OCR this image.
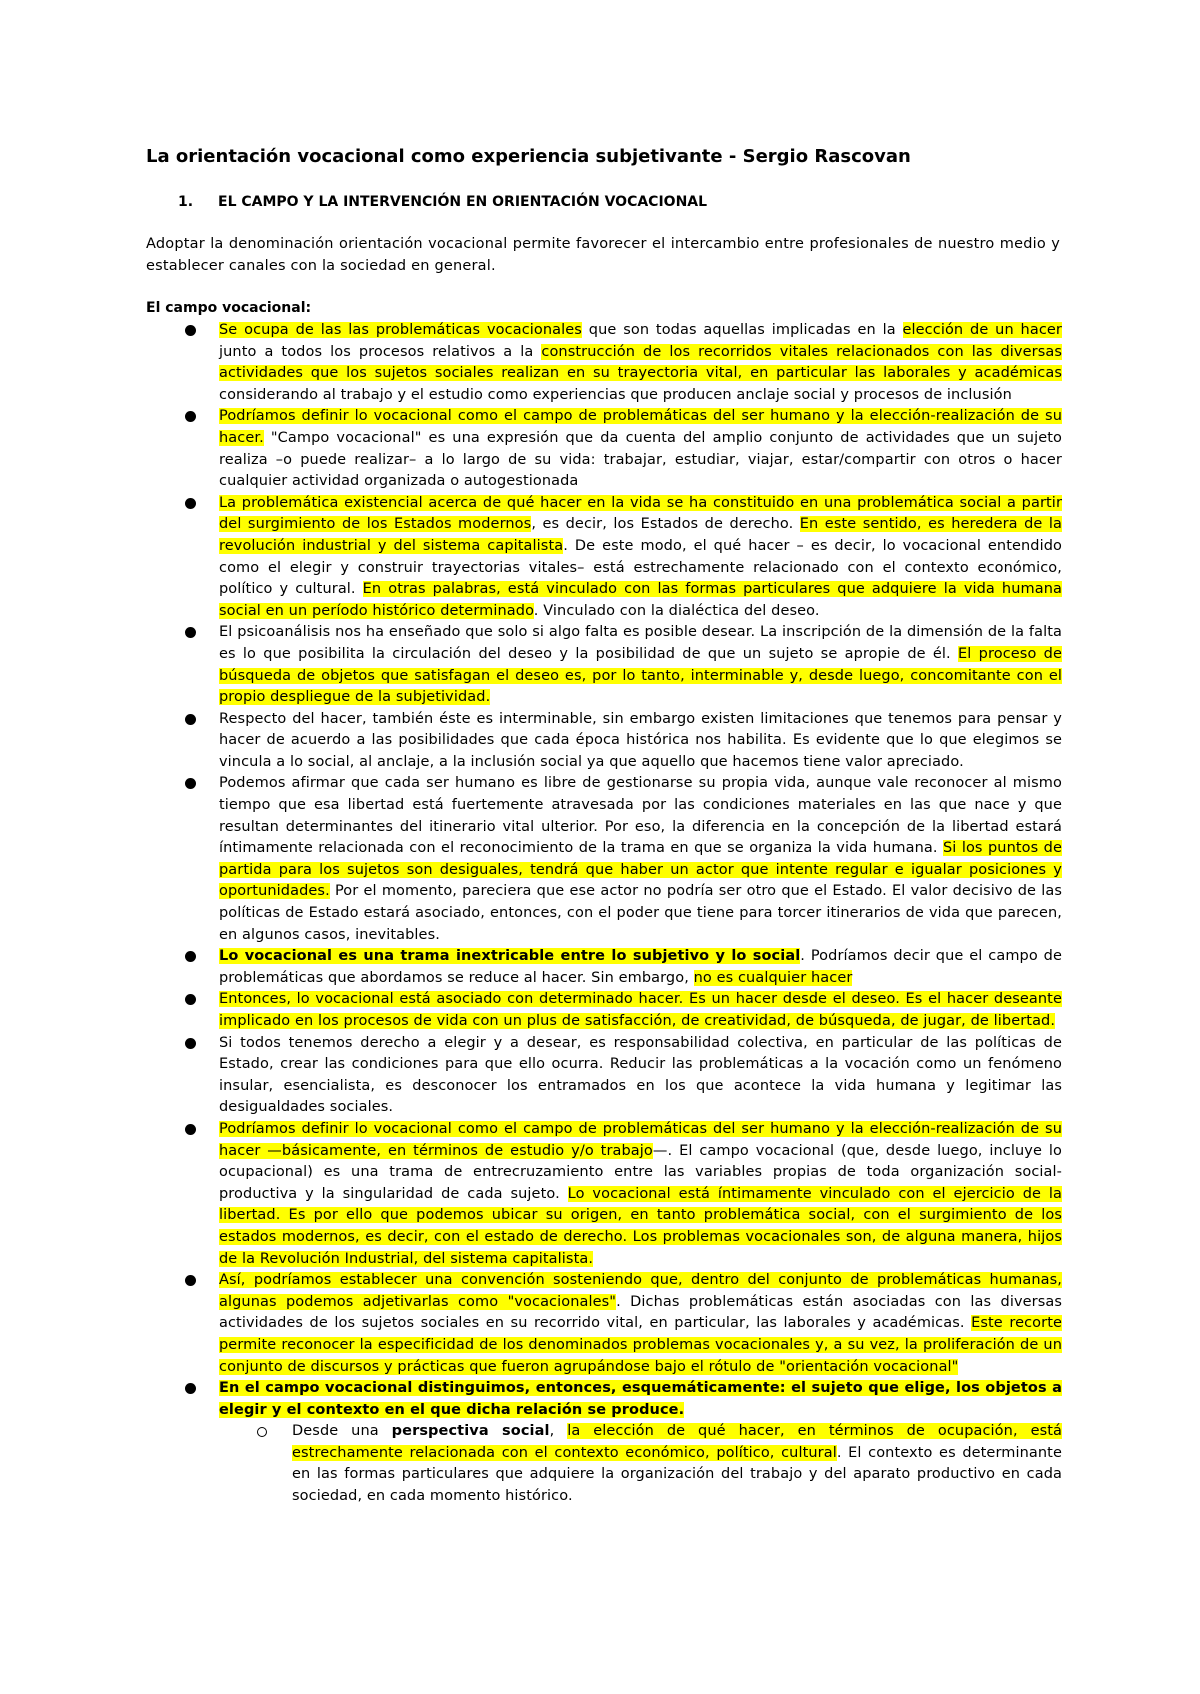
La orientación vocacional como experiencia subjetivante - Sergio Rascovan
1. EL CAMPO Y LA INTERVENCIÓN EN ORIENTACIÓN VOCACIONAL
Adoptar la denominación orientación vocacional permite favorecer el intercambio entre profesionales de nuestro medio y establecer canales con la sociedad en general.
El campo vocacional:
Se ocupa de las las problemáticas vocacionales que son todas aquellas implicadas en la elección de un hacer junto a todos los procesos relativos a la construcción de los recorridos vitales relacionados con las diversas actividades que los sujetos sociales realizan en su trayectoria vital, en particular las laborales y académicas considerando al trabajo y el estudio como experiencias que producen anclaje social y procesos de inclusión
Podríamos definir lo vocacional como el campo de problemáticas del ser humano y la elección-realización de su hacer. "Campo vocacional" es una expresión que da cuenta del amplio conjunto de actividades que un sujeto realiza –o puede realizar– a lo largo de su vida: trabajar, estudiar, viajar, estar/compartir con otros o hacer cualquier actividad organizada o autogestionada
La problemática existencial acerca de qué hacer en la vida se ha constituido en una problemática social a partir del surgimiento de los Estados modernos, es decir, los Estados de derecho. En este sentido, es heredera de la revolución industrial y del sistema capitalista. De este modo, el qué hacer – es decir, lo vocacional entendido como el elegir y construir trayectorias vitales– está estrechamente relacionado con el contexto económico, político y cultural. En otras palabras, está vinculado con las formas particulares que adquiere la vida humana social en un período histórico determinado. Vinculado con la dialéctica del deseo.
El psicoanálisis nos ha enseñado que solo si algo falta es posible desear. La inscripción de la dimensión de la falta es lo que posibilita la circulación del deseo y la posibilidad de que un sujeto se apropie de él. El proceso de búsqueda de objetos que satisfagan el deseo es, por lo tanto, interminable y, desde luego, concomitante con el propio despliegue de la subjetividad.
Respecto del hacer, también éste es interminable, sin embargo existen limitaciones que tenemos para pensar y hacer de acuerdo a las posibilidades que cada época histórica nos habilita. Es evidente que lo que elegimos se vincula a lo social, al anclaje, a la inclusión social ya que aquello que hacemos tiene valor apreciado.
Podemos afirmar que cada ser humano es libre de gestionarse su propia vida, aunque vale reconocer al mismo tiempo que esa libertad está fuertemente atravesada por las condiciones materiales en las que nace y que resultan determinantes del itinerario vital ulterior. Por eso, la diferencia en la concepción de la libertad estará íntimamente relacionada con el reconocimiento de la trama en que se organiza la vida humana. Si los puntos de partida para los sujetos son desiguales, tendrá que haber un actor que intente regular e igualar posiciones y oportunidades. Por el momento, pareciera que ese actor no podría ser otro que el Estado. El valor decisivo de las políticas de Estado estará asociado, entonces, con el poder que tiene para torcer itinerarios de vida que parecen, en algunos casos, inevitables.
Lo vocacional es una trama inextricable entre lo subjetivo y lo social. Podríamos decir que el campo de problemáticas que abordamos se reduce al hacer. Sin embargo, no es cualquier hacer
Entonces, lo vocacional está asociado con determinado hacer. Es un hacer desde el deseo. Es el hacer deseante implicado en los procesos de vida con un plus de satisfacción, de creatividad, de búsqueda, de jugar, de libertad.
Si todos tenemos derecho a elegir y a desear, es responsabilidad colectiva, en particular de las políticas de Estado, crear las condiciones para que ello ocurra. Reducir las problemáticas a la vocación como un fenómeno insular, esencialista, es desconocer los entramados en los que acontece la vida humana y legitimar las desigualdades sociales.
Podríamos definir lo vocacional como el campo de problemáticas del ser humano y la elección-realización de su hacer —básicamente, en términos de estudio y/o trabajo—. El campo vocacional (que, desde luego, incluye lo ocupacional) es una trama de entrecruzamiento entre las variables propias de toda organización social-productiva y la singularidad de cada sujeto. Lo vocacional está íntimamente vinculado con el ejercicio de la libertad. Es por ello que podemos ubicar su origen, en tanto problemática social, con el surgimiento de los estados modernos, es decir, con el estado de derecho. Los problemas vocacionales son, de alguna manera, hijos de la Revolución Industrial, del sistema capitalista.
Así, podríamos establecer una convención sosteniendo que, dentro del conjunto de problemáticas humanas, algunas podemos adjetivarlas como "vocacionales". Dichas problemáticas están asociadas con las diversas actividades de los sujetos sociales en su recorrido vital, en particular, las laborales y académicas. Este recorte permite reconocer la especificidad de los denominados problemas vocacionales y, a su vez, la proliferación de un conjunto de discursos y prácticas que fueron agrupándose bajo el rótulo de "orientación vocacional"
En el campo vocacional distinguimos, entonces, esquemáticamente: el sujeto que elige, los objetos a elegir y el contexto en el que dicha relación se produce.
Desde una perspectiva social, la elección de qué hacer, en términos de ocupación, está estrechamente relacionada con el contexto económico, político, cultural. El contexto es determinante en las formas particulares que adquiere la organización del trabajo y del aparato productivo en cada sociedad, en cada momento histórico.
